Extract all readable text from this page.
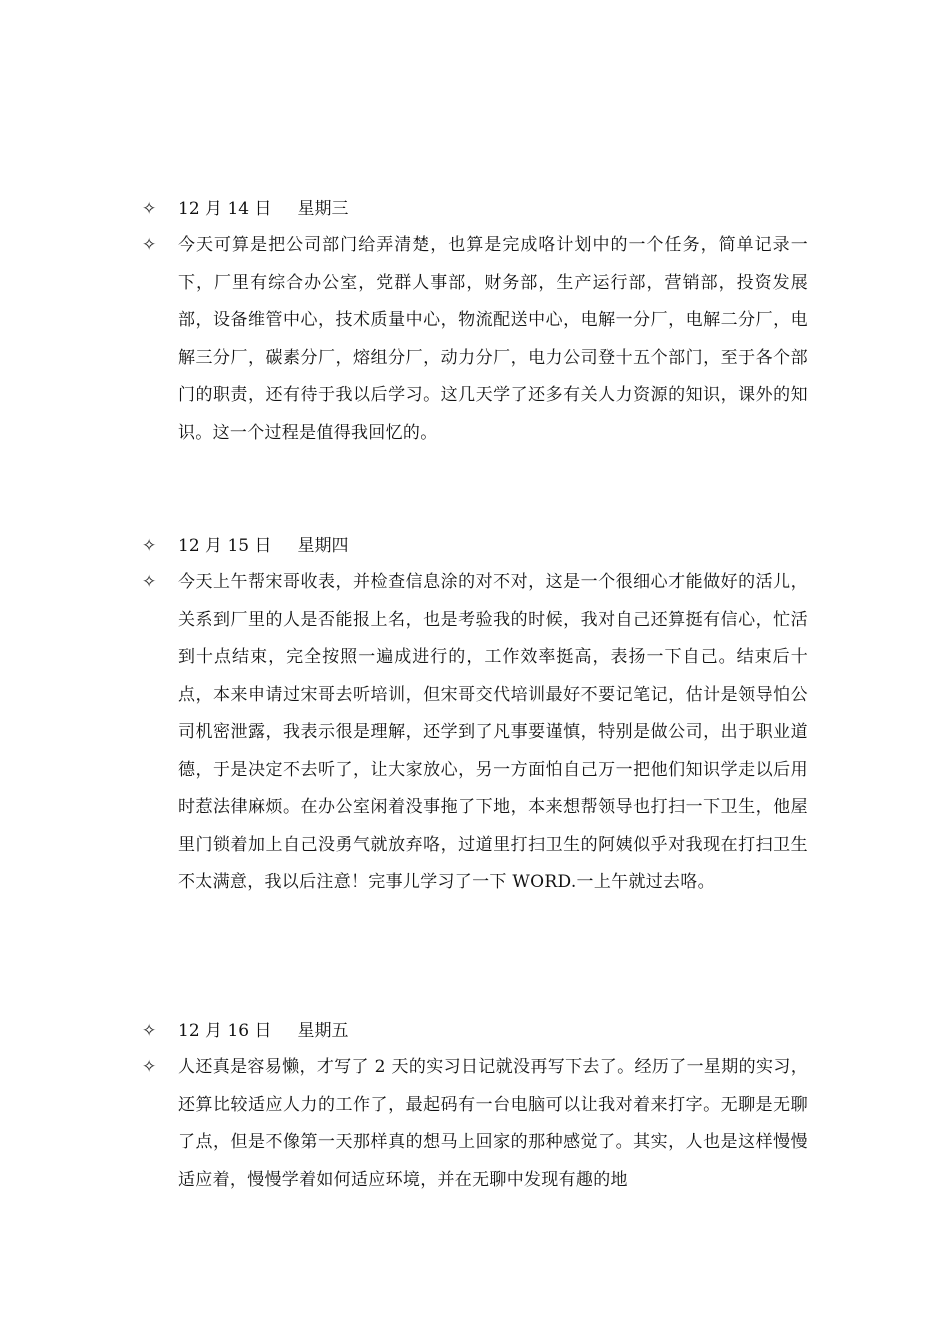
✧	12 月 14 日 星期三
✧	今天可算是把公司部门给弄清楚，也算是完成咯计划中的一个任务，简单记录一下，厂里有综合办公室，党群人事部，财务部，生产运行部，营销部，投资发展部，设备维管中心，技术质量中心，物流配送中心，电解一分厂，电解二分厂，电解三分厂，碳素分厂，熔组分厂，动力分厂，电力公司登十五个部门，至于各个部门的职责，还有待于我以后学习。这几天学了还多有关人力资源的知识，课外的知识。这一个过程是值得我回忆的。
✧	12 月 15 日 星期四
✧	今天上午帮宋哥收表，并检查信息涂的对不对，这是一个很细心才能做好的活儿，关系到厂里的人是否能报上名，也是考验我的时候，我对自己还算挺有信心，忙活到十点结束，完全按照一遍成进行的，工作效率挺高，表扬一下自己。结束后十点，本来申请过宋哥去听培训，但宋哥交代培训最好不要记笔记，估计是领导怕公司机密泄露，我表示很是理解，还学到了凡事要谨慎，特别是做公司，出于职业道德，于是决定不去听了，让大家放心，另一方面怕自己万一把他们知识学走以后用时惹法律麻烦。在办公室闲着没事拖了下地，本来想帮领导也打扫一下卫生，他屋里门锁着加上自己没勇气就放弃咯，过道里打扫卫生的阿姨似乎对我现在打扫卫生不太满意，我以后注意！完事儿学习了一下 WORD.一上午就过去咯。
✧	12 月 16 日 星期五
✧	人还真是容易懒，才写了 2 天的实习日记就没再写下去了。经历了一星期的实习，还算比较适应人力的工作了，最起码有一台电脑可以让我对着来打字。无聊是无聊了点，但是不像第一天那样真的想马上回家的那种感觉了。其实，人也是这样慢慢适应着，慢慢学着如何适应环境，并在无聊中发现有趣的地
